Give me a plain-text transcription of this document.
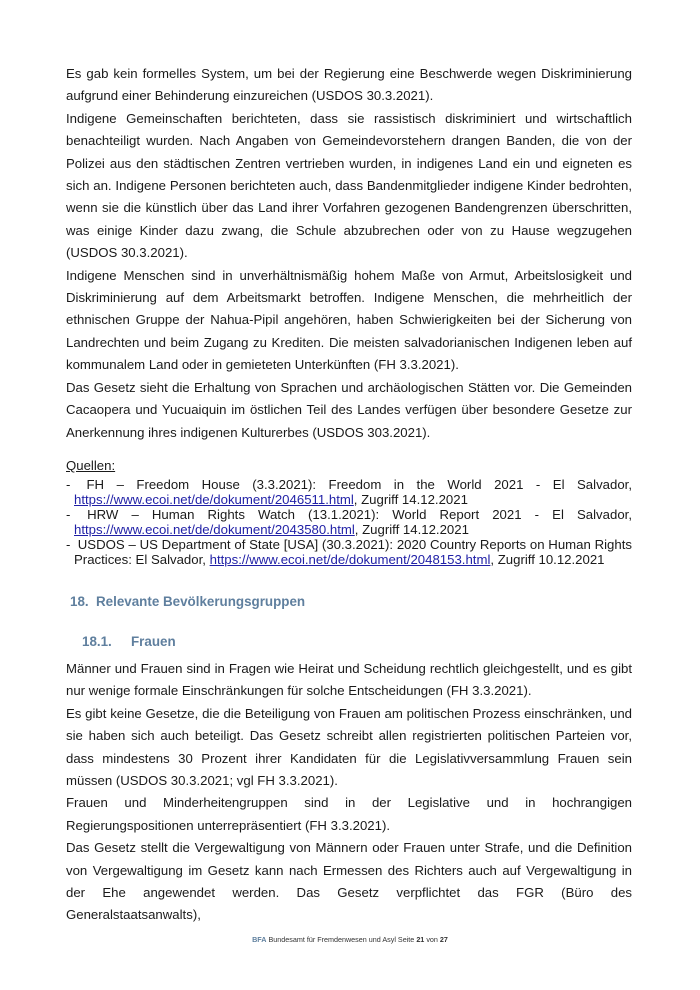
Es gab kein formelles System, um bei der Regierung eine Beschwerde wegen Diskriminierung aufgrund einer Behinderung einzureichen (USDOS 30.3.2021).

Indigene Gemeinschaften berichteten, dass sie rassistisch diskriminiert und wirtschaftlich benachteiligt wurden. Nach Angaben von Gemeindevorstehern drangen Banden, die von der Polizei aus den städtischen Zentren vertrieben wurden, in indigenes Land ein und eigneten es sich an. Indigene Personen berichteten auch, dass Bandenmitglieder indigene Kinder bedrohten, wenn sie die künstlich über das Land ihrer Vorfahren gezogenen Bandengrenzen überschritten, was einige Kinder dazu zwang, die Schule abzubrechen oder von zu Hause wegzugehen (USDOS 30.3.2021).

Indigene Menschen sind in unverhältnismäßig hohem Maße von Armut, Arbeitslosigkeit und Diskriminierung auf dem Arbeitsmarkt betroffen. Indigene Menschen, die mehrheitlich der ethnischen Gruppe der Nahua-Pipil angehören, haben Schwierigkeiten bei der Sicherung von Landrechten und beim Zugang zu Krediten. Die meisten salvadorianischen Indigenen leben auf kommunalem Land oder in gemieteten Unterkünften (FH 3.3.2021).

Das Gesetz sieht die Erhaltung von Sprachen und archäologischen Stätten vor. Die Gemeinden Cacaopera und Yucuaiquin im östlichen Teil des Landes verfügen über besondere Gesetze zur Anerkennung ihres indigenen Kulturerbes (USDOS 303.2021).

Quellen:

- FH – Freedom House (3.3.2021): Freedom in the World 2021 - El Salvador, https://www.ecoi.net/de/dokument/2046511.html, Zugriff 14.12.2021

- HRW – Human Rights Watch (13.1.2021): World Report 2021 - El Salvador, https://www.ecoi.net/de/dokument/2043580.html, Zugriff 14.12.2021

- USDOS – US Department of State [USA] (30.3.2021): 2020 Country Reports on Human Rights Practices: El Salvador, https://www.ecoi.net/de/dokument/2048153.html, Zugriff 10.12.2021

18. Relevante Bevölkerungsgruppen
18.1. Frauen

Männer und Frauen sind in Fragen wie Heirat und Scheidung rechtlich gleichgestellt, und es gibt nur wenige formale Einschränkungen für solche Entscheidungen (FH 3.3.2021).

Es gibt keine Gesetze, die die Beteiligung von Frauen am politischen Prozess einschränken, und sie haben sich auch beteiligt. Das Gesetz schreibt allen registrierten politischen Parteien vor, dass mindestens 30 Prozent ihrer Kandidaten für die Legislativversammlung Frauen sein müssen (USDOS 30.3.2021; vgl FH 3.3.2021).

Frauen und Minderheitengruppen sind in der Legislative und in hochrangigen Regierungspositionen unterrepräsentiert (FH 3.3.2021).

Das Gesetz stellt die Vergewaltigung von Männern oder Frauen unter Strafe, und die Definition von Vergewaltigung im Gesetz kann nach Ermessen des Richters auch auf Vergewaltigung in der Ehe angewendet werden. Das Gesetz verpflichtet das FGR (Büro des Generalstaatsanwalts),

BFA Bundesamt für Fremdenwesen und Asyl Seite 21 von 27
